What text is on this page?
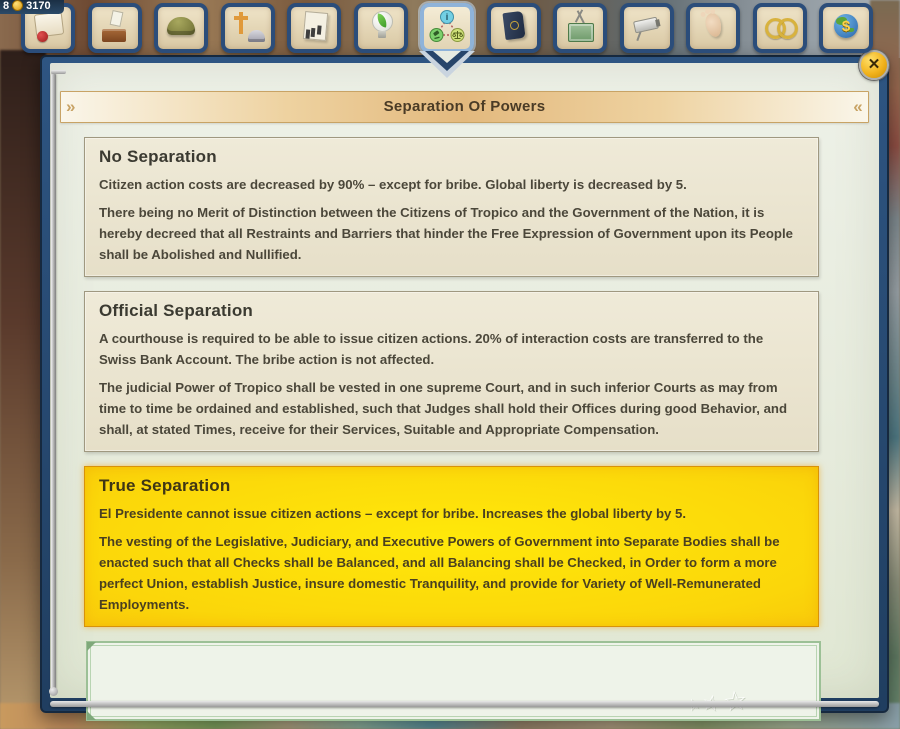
8 3170
i
$
» Separation Of Powers «
No Separation

Citizen action costs are decreased by 90% – except for bribe. Global liberty is decreased by 5.

There being no Merit of Distinction between the Citizens of Tropico and the Government of the Nation, it is hereby decreed that all Restraints and Barriers that hinder the Free Expression of Government upon its People shall be Abolished and Nullified.

Official Separation

A courthouse is required to be able to issue citizen actions. 20% of interaction costs are transferred to the Swiss Bank Account. The bribe action is not affected.

The judicial Power of Tropico shall be vested in one supreme Court, and in such inferior Courts as may from time to time be ordained and established, such that Judges shall hold their Offices during good Behavior, and shall, at stated Times, receive for their Services, Suitable and Appropriate Compensation.

True Separation

El Presidente cannot issue citizen actions – except for bribe. Increases the global liberty by 5.

The vesting of the Legislative, Judiciary, and Executive Powers of Government into Separate Bodies shall be enacted such that all Checks shall be Balanced, and all Balancing shall be Checked, in Order to form a more perfect Union, establish Justice, insure domestic Tranquility, and provide for Variety of Well-Remunerated Employments.

☆☆☆
✕
